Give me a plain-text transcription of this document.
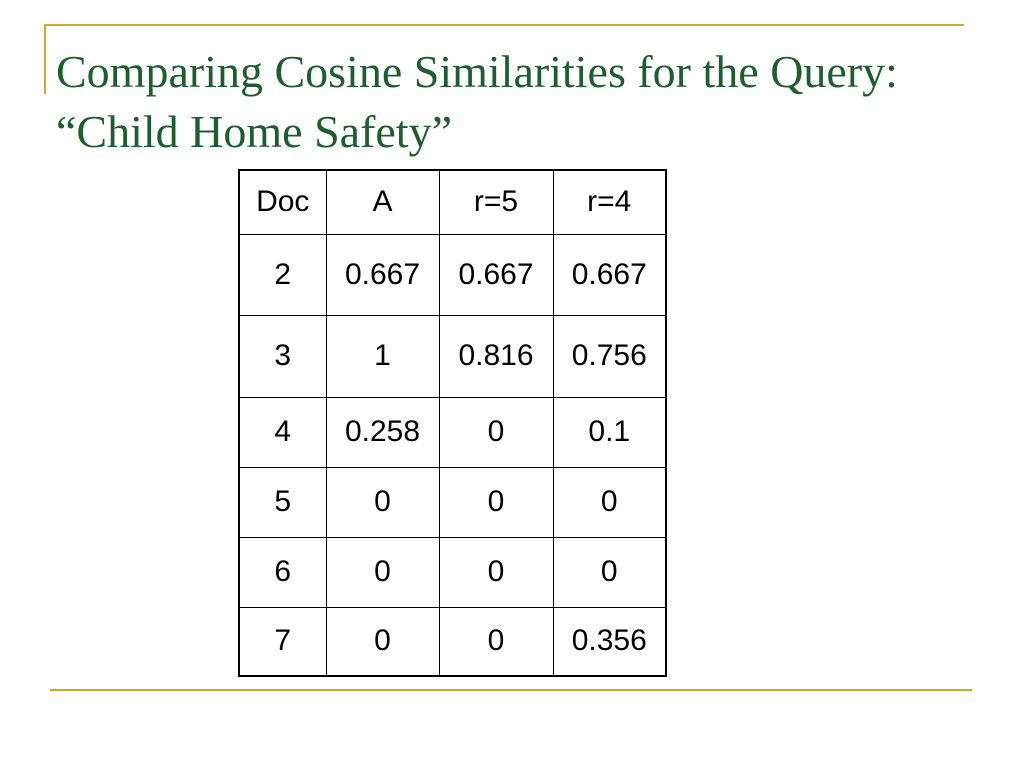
Comparing Cosine Similarities for the Query:
“Child Home Safety”
Doc	A	r=5	r=4
2	0.667	0.667	0.667
3	1	0.816	0.756
4	0.258	0	0.1
5	0	0	0
6	0	0	0
7	0	0	0.356
